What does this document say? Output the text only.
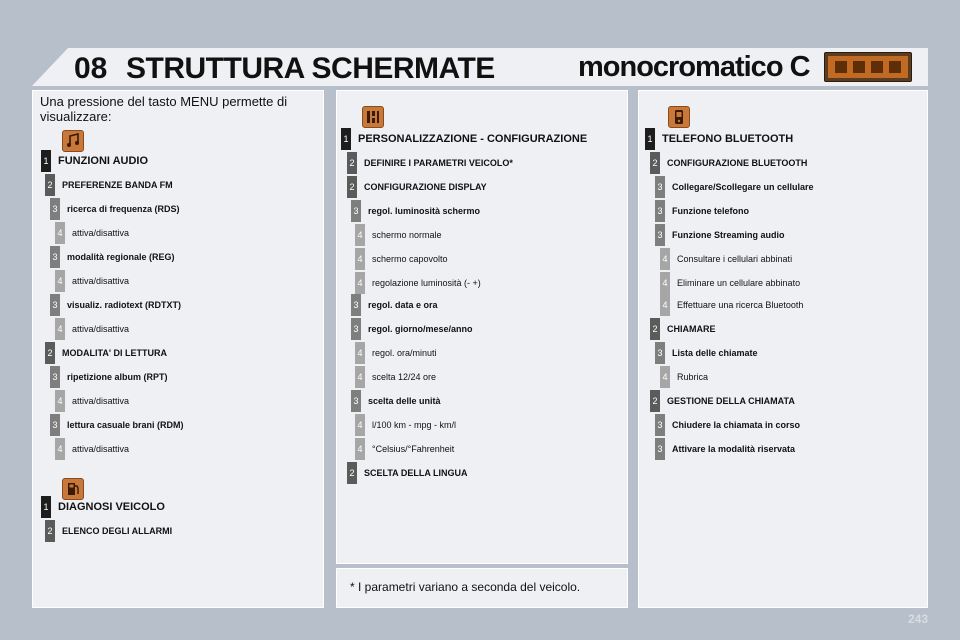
08 STRUTTURA SCHERMATE	monocromatico C
Una pressione del tasto MENU permette di visualizzare:
1 FUNZIONI AUDIO
2 PREFERENZE BANDA FM
3 ricerca di frequenza (RDS)
4 attiva/disattiva
3 modalità regionale (REG)
4 attiva/disattiva
3 visualiz. radiotext (RDTXT)
4 attiva/disattiva
2 MODALITA' DI LETTURA
3 ripetizione album (RPT)
4 attiva/disattiva
3 lettura casuale brani (RDM)
4 attiva/disattiva
1 DIAGNOSI VEICOLO
2 ELENCO DEGLI ALLARMI
1 PERSONALIZZAZIONE - CONFIGURAZIONE
2 DEFINIRE I PARAMETRI VEICOLO*
2 CONFIGURAZIONE DISPLAY
3 regol. luminosità schermo
4 schermo normale
4 schermo capovolto
4 regolazione luminosità (- +)
3 regol. data e ora
3 regol. giorno/mese/anno
4 regol. ora/minuti
4 scelta 12/24 ore
3 scelta delle unità
4 l/100 km - mpg - km/l
4 °Celsius/°Fahrenheit
2 SCELTA DELLA LINGUA
* I parametri variano a seconda del veicolo.
1 TELEFONO BLUETOOTH
2 CONFIGURAZIONE BLUETOOTH
3 Collegare/Scollegare un cellulare
3 Funzione telefono
3 Funzione Streaming audio
4 Consultare i cellulari abbinati
4 Eliminare un cellulare abbinato
4 Effettuare una ricerca Bluetooth
2 CHIAMARE
3 Lista delle chiamate
4 Rubrica
2 GESTIONE DELLA CHIAMATA
3 Chiudere la chiamata in corso
3 Attivare la modalità riservata
243
